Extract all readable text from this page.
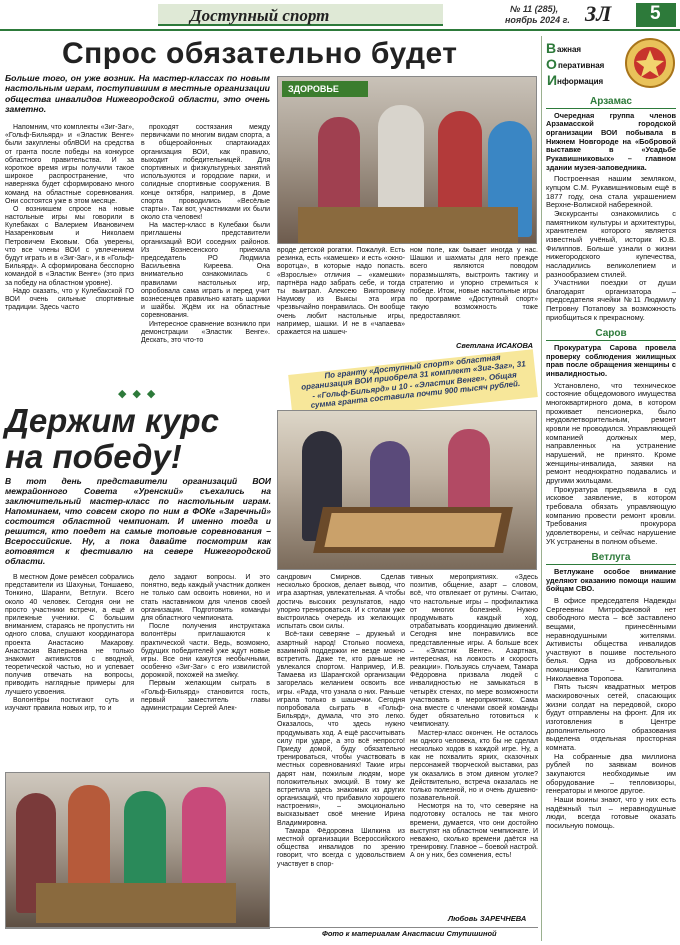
Доступный спорт	№ 11 (285),
ноябрь 2024 г. ЗЛ 5
Спрос обязательно будет
Больше того, он уже возник. На мастер-классах по новым настольным играм, поступившим в местные организации общества инвалидов Нижегородской области, это очень заметно.

Напомним, что комплекты «Зиг-Заг», «Гольф-Бильярд» и «Эластик Венге» были закуплены облВОИ на средства от гранта после победы на конкурсе областного правительства. И за короткое время игры получили такое широкое распространение, что наверняка будет сформировано много команд на областные соревнования. Они состоятся уже в этом месяце.

О возникшем спросе на новые настольные игры мы говорили в Кулебаках с Валерием Ивановичем Назаренковым и Николаем Петровичем Ежовым. Оба уверены, что все члены ВОИ с увлечением будут играть и в «Зиг-Заг», и в «Гольф-Бильярд». А сформирована бесспорно командой в «Эластик Венге» (это приз за победу на областном уровне).

Надо сказать, что у Кулебакской ГО ВОИ очень сильные спортивные традиции. Здесь частo

проходят состязания между первичками по многим видам спорта, а в общероайонных спартакиадах организация ВОИ, как правило, выходит победительницей. Для спортивных и физкультурных занятий используются и городские парки, и солидные спортивные сооружения. В конце октября, например, в Доме спорта проводились «Весёлые старты». Так вот, участниками их были около ста человек!

На мастер-класс в Кулебаки были приглашены представители организаций ВОИ соседних районов. Из Вознесенского приехала председатель РО Людмила Васильевна Киреева. Она внимательно ознакомилась с правилами настольных игр, опробовала сама играть и перед учит вознесенцев правильно катать шарики и шайбы. Ждём их на областные соревнования.

Интересное сравнение возникло при демонстрации «Эластик Венге». Дескать, это что-то

ЗДОРОВЬЕ

вроде детской рогатки. Пожалуй. Есть резинка, есть «камешек» и есть «окно-воротца», в которые надо попасть. «Взрослые» отличия – «камешки» партнёра надо забрать себе, и тогда ты выиграл. Алексею Викторовичу Наумову из Выксы эта игра чрезвычайно понравилась. Он вообще очень любит настольные игры, например, шашки. И не в «чапаева» сражается на шашеч-

ном поле, как бывает иногда у нас. Шашки и шахматы для него прежде всего являются поводом поразмышлять, выстроить тактику и стратегию и упорно стремиться к победе. Итож, новые настольные игры по программе «Доступный спорт» такую возможность тоже предоставляют.

Светлана ИСАКОВА
По гранту «Доступный спорт» областная организация ВОИ приобрела 31 комплект «Зиг-Заг», 31 - «Гольф-Бильярд» и 10 - «Эластик Венге». Общая сумма гранта составила почти 900 тысяч рублей.
◆◆◆
Держим курс
на победу!
В тот день представители организаций ВОИ межрайонного Совета «Уренский» съехались на заключительный мастер-класс по настольным играм. Напоминаем, что совсем скоро по ним в ФОКе «Заречный» состоится областной чемпионат. И именно тогда и решится, кто поедет на самые топовые соревнования – Всероссийские. Ну, а пока давайте посмотрим как готовятся к фестивалю на севере Нижегородской области.

В местном Доме ремёсел собрались представители из Шахуньи, Тоншаево, Тонкино, Шаранги, Ветлуги. Всего около 40 человек. Сегодня они не просто участники встречи, а ещё и прилежные ученики. С большим вниманием, стараясь не пропустить ни одного слова, слушают координатора проекта Анастасию Макарову. Анастасия Валерьевна не только знакомит активистов с вводной, теоретической частью, но и успевает получив отвечать на вопросы, приводить наглядные примеры для лучшего усвоения.

Волонтёры постигают суть и изучают правила новых игр, то и

дело задают вопросы. И это понятно, ведь каждый участник должен не только сам освоить новинки, но и стать наставником для членов своей организации. Подготовить команды для областного чемпионата.

После получения инструктажа волонтёры приглашаются к практической части. Ведь, возможно, будущих победителей уже ждут новые игры. Все они кажутся необычными, особенно «Зиг-Заг» с его извилистой дорожкой, похожей на змейку.

Первым желающим сыграть в «Гольф-Бильярд» становится гость, первый заместитель главы администрации Сергей Алек-

сандрович Смирнов. Сделав несколько бросков, делает вывод, что игра азартная, увлекательная. А чтобы достичь высоких результатов, надо упорно тренироваться. И к столам уже выстроилась очередь из желающих испытать свои силы.

Всё-таки северяне – дружный и азартный народ! Столько посмеха, взаимной поддержки не везде можно встретить. Даже те, кто раньше не увлекался спортом. Например, И.В. Тамаева из Шарангской организации загорелась желанием освоить все игры. «Рада, что узнала о них. Раньше играла только в шашечки. Сегодня попробовала сыграть в «Гольф-Бильярд», думала, что это легко. Оказалось, что здесь нужно продумывать ход. А ещё рассчитывать силу при ударе, а это всё непросто! Приеду домой, буду обязательно тренироваться, чтобы участвовать в местных соревнованиях! Такие игры дарят нам, пожилым людям, море положительных эмоций. В тому же встретила здесь знакомых из других организаций, что прибавило хорошего настроения», – эмоционально высказывает своё мнение Ирина Владимировна.

Тамара Фёдоровна Шилкина из местной организации Всероссийского общества инвалидов по зрению говорит, что всегда с удовольствием участвует в спор-

тивных мероприятиях. «Здесь позитив, общение, азарт – словом, всё, что отвлекает от рутины. Считаю, что настольные игры – профилактика от многих болезней. Нужно продумывать каждый ход, отрабатывать координацию движений. Сегодня мне понравились все представленные игры. А больше всех – «Эластик Венге». Азартная, интересная, на ловкость и скорость реакции». Пользуясь случаем, Тамара Фёдоровна призвала людей с инвалидностью не замыкаться в четырёх стенах, по мере возможности участвовать в мероприятиях. Сама она вместе с членами своей команды будет обязательно готовиться к чемпионату.

Мастер-класс окончен. Не осталось ни одного человека, кто бы не сделал несколько ходов в каждой игре. Ну, а как не похвалить ярких, сказочных персонажей творческой выставки, раз уж оказались в этом дивном уголке? Действительно, встреча оказалась не только полезной, но и очень душевно-позавательной.

Несмотря на то, что северяне на подготовку осталось не так много времени, думается, что они достойно выступят на областном чемпионате. И неважно, сколько времени даётся на тренировку. Главное – боевой настрой. А он у них, без сомнения, есть!

Любовь ЗАРЕЧНЕВА
Фото к материалам Анастасии Ступишиной
В ажная
О перативная
И нформация
Арзамас

Очередная группа членов Арзамасской городской организации ВОИ побывала в Нижнем Новгороде на «Бобровой выставке в «Усадьбе Рукавишниковых» – главном здании музея-заповедника.

Построенная нашим земляком, купцом С.М. Рукавишниковым ещё в 1877 году, она стала украшением Верхне-Волжской набережной.

Экскурсанты ознакомились с памятником культуры и архитектуры, хранителем которого является известный учёный, историк Ю.В. Филиппов. Больше узнали о жизни нижегородского купечества, насладились великолепием и разнообразием стилей.

Участники поездки от души благодарят организатора – председателя ячейки №11 Людмилу Петровну Потапову за возможность приобщиться к прекрасному.

Саров

Прокуратура Сарова провела проверку соблюдения жилищных прав после обращения женщины с инвалидностью.

Установлено, что техническое состояние общедомового имущества многоквартирного дома, в котором проживает пенсионерка, было неудовлетворительным, ремонт кровли не проводился. Управляющей компанией должных мер, направленных на устранение нарушений, не принято. Кроме женщины-инвалида, заявки на ремонт неоднократно подавались и другими жильцами.

Прокуратура предъявила в суд исковое заявление, в котором требовала обязать управляющую компанию провести ремонт кровли. Требования прокурора удовлетворены, и сейчас нарушение УК устранены в полном объеме.

Ветлуга

Ветлужане особое внимание уделяют оказанию помощи нашим бойцам СВО.

В офисе председателя Надежды Сергеевны Митрофановой нет свободного места – всё заставлено вещами, принесёнными неравнодушными жителями. Активисты общества инвалидов участвуют в пошиве постельного белья. Одна из добровольных помощников – Капитолина Николаевна Торопова.

Пять тысяч квадратных метров маскировочных сетей, спасающих жизни солдат на передовой, скоро будут отправлены на фронт. Для их изготовления в Центре дополнительного образования выделена отдельная просторная комната.

На собранные два миллиона рублей по заявкам воинов закупаются необходимые им оборудование – тепловизоры, генераторы и многое другое.

Наши воины знают, что у них есть надёжный тыл – неравнодушные люди, всегда готовые оказать посильную помощь.
